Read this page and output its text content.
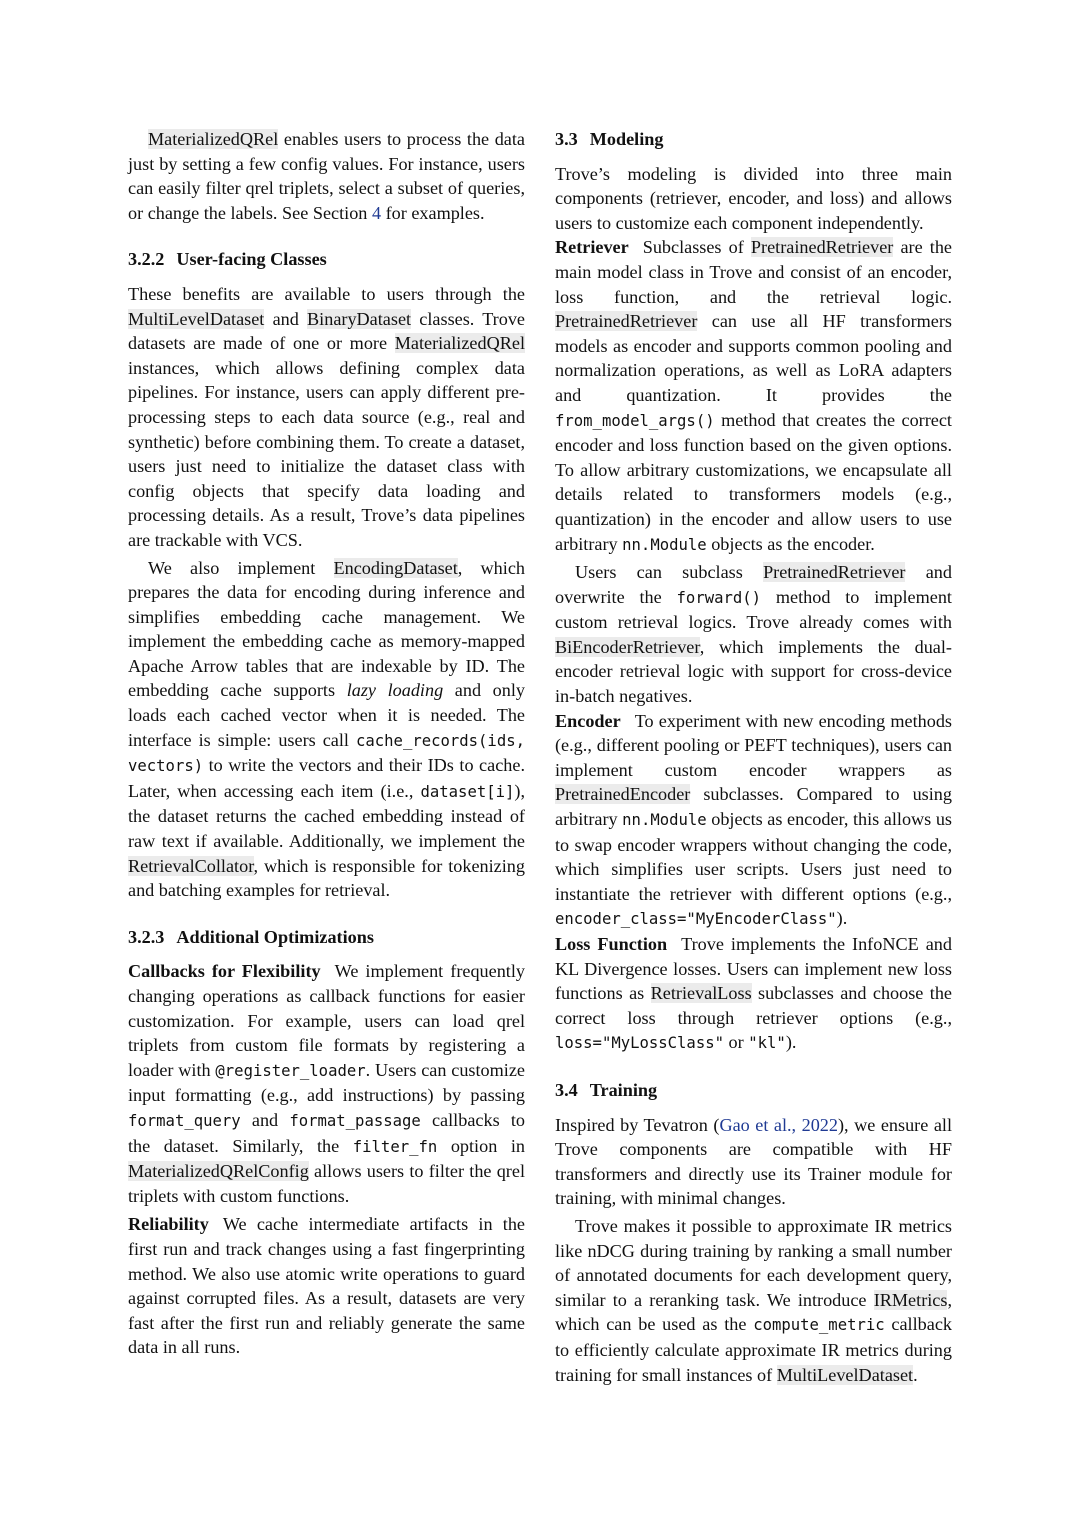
MaterializedQRel enables users to process the data just by setting a few config values. For instance, users can easily filter qrel triplets, select a subset of queries, or change the labels. See Section 4 for examples.

3.2.2 User-facing Classes

These benefits are available to users through the MultiLevelDataset and BinaryDataset classes. Trove datasets are made of one or more MaterializedQRel instances, which allows defining complex data pipelines. For instance, users can apply different pre-processing steps to each data source (e.g., real and synthetic) before combining them. To create a dataset, users just need to initialize the dataset class with config objects that specify data loading and processing details. As a result, Trove’s data pipelines are trackable with VCS.

We also implement EncodingDataset, which prepares the data for encoding during inference and simplifies embedding cache management. We implement the embedding cache as memory-mapped Apache Arrow tables that are indexable by ID. The embedding cache supports lazy loading and only loads each cached vector when it is needed. The interface is simple: users call cache_records(ids, vectors) to write the vectors and their IDs to cache. Later, when accessing each item (i.e., dataset[i]), the dataset returns the cached embedding instead of raw text if available. Additionally, we implement the RetrievalCollator, which is responsible for tokenizing and batching examples for retrieval.

3.2.3 Additional Optimizations

Callbacks for Flexibility We implement frequently changing operations as callback functions for easier customization. For example, users can load qrel triplets from custom file formats by registering a loader with @register_loader. Users can customize input formatting (e.g., add instructions) by passing format_query and format_passage callbacks to the dataset. Similarly, the filter_fn option in MaterializedQRelConfig allows users to filter the qrel triplets with custom functions.

Reliability We cache intermediate artifacts in the first run and track changes using a fast fingerprinting method. We also use atomic write operations to guard against corrupted files. As a result, datasets are very fast after the first run and reliably generate the same data in all runs.

3.3 Modeling

Trove’s modeling is divided into three main components (retriever, encoder, and loss) and allows users to customize each component independently.

Retriever Subclasses of PretrainedRetriever are the main model class in Trove and consist of an encoder, loss function, and the retrieval logic. PretrainedRetriever can use all HF transformers models as encoder and supports common pooling and normalization operations, as well as LoRA adapters and quantization. It provides the from_model_args() method that creates the correct encoder and loss function based on the given options. To allow arbitrary customizations, we encapsulate all details related to transformers models (e.g., quantization) in the encoder and allow users to use arbitrary nn.Module objects as the encoder.

Users can subclass PretrainedRetriever and overwrite the forward() method to implement custom retrieval logics. Trove already comes with BiEncoderRetriever, which implements the dual-encoder retrieval logic with support for cross-device in-batch negatives.

Encoder To experiment with new encoding methods (e.g., different pooling or PEFT techniques), users can implement custom encoder wrappers as PretrainedEncoder subclasses. Compared to using arbitrary nn.Module objects as encoder, this allows us to swap encoder wrappers without changing the code, which simplifies user scripts. Users just need to instantiate the retriever with different options (e.g., encoder_class="MyEncoderClass").

Loss Function Trove implements the InfoNCE and KL Divergence losses. Users can implement new loss functions as RetrievalLoss subclasses and choose the correct loss through retriever options (e.g., loss="MyLossClass" or "kl").

3.4 Training

Inspired by Tevatron (Gao et al., 2022), we ensure all Trove components are compatible with HF transformers and directly use its Trainer module for training, with minimal changes.

Trove makes it possible to approximate IR metrics like nDCG during training by ranking a small number of annotated documents for each development query, similar to a reranking task. We introduce IRMetrics, which can be used as the compute_metric callback to efficiently calculate approximate IR metrics during training for small instances of MultiLevelDataset.
